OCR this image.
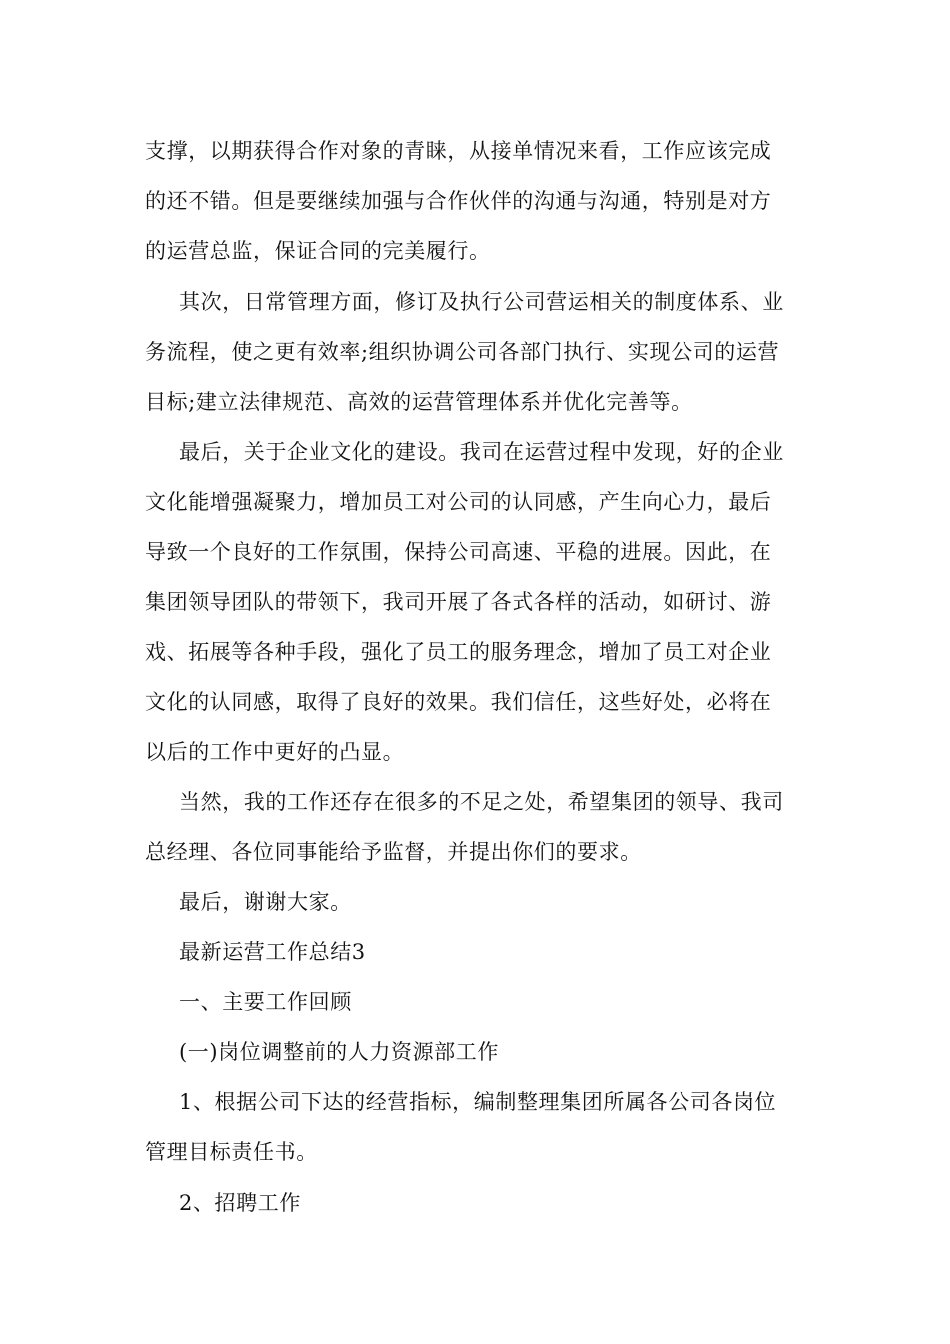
支撑，以期获得合作对象的青睐，从接单情况来看，工作应该完成
的还不错。但是要继续加强与合作伙伴的沟通与沟通，特别是对方
的运营总监，保证合同的完美履行。
其次，日常管理方面，修订及执行公司营运相关的制度体系、业
务流程，使之更有效率;组织协调公司各部门执行、实现公司的运营
目标;建立法律规范、高效的运营管理体系并优化完善等。
最后，关于企业文化的建设。我司在运营过程中发现，好的企业
文化能增强凝聚力，增加员工对公司的认同感，产生向心力，最后
导致一个良好的工作氛围，保持公司高速、平稳的进展。因此，在
集团领导团队的带领下，我司开展了各式各样的活动，如研讨、游
戏、拓展等各种手段，强化了员工的服务理念，增加了员工对企业
文化的认同感，取得了良好的效果。我们信任，这些好处，必将在
以后的工作中更好的凸显。
当然，我的工作还存在很多的不足之处，希望集团的领导、我司
总经理、各位同事能给予监督，并提出你们的要求。
最后，谢谢大家。
最新运营工作总结3
一、主要工作回顾
(一)岗位调整前的人力资源部工作
1、根据公司下达的经营指标，编制整理集团所属各公司各岗位
管理目标责任书。
2、招聘工作
